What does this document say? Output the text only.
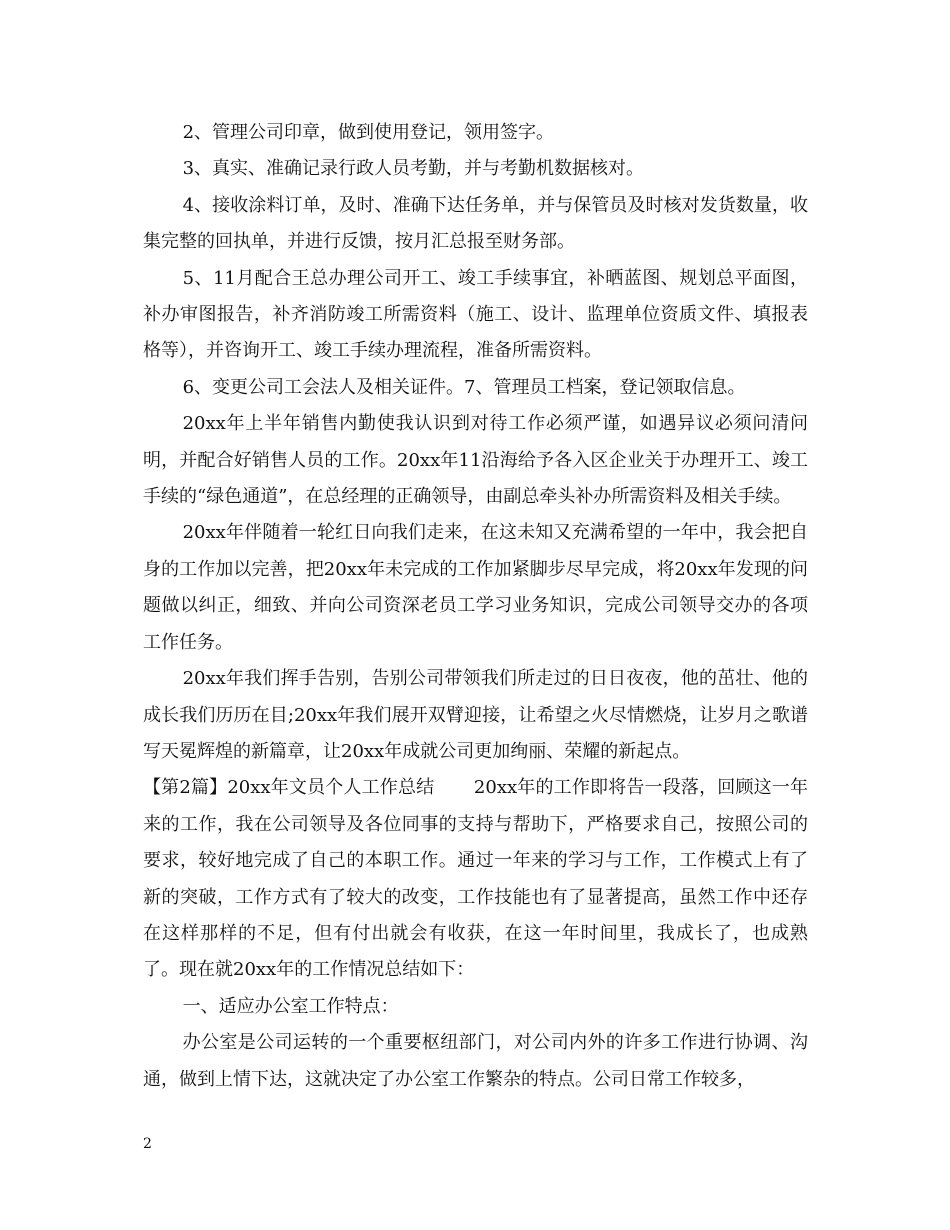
2、管理公司印章，做到使用登记，领用签字。

3、真实、准确记录行政人员考勤，并与考勤机数据核对。

4、接收涂料订单，及时、准确下达任务单，并与保管员及时核对发货数量，收集完整的回执单，并进行反馈，按月汇总报至财务部。

5、11月配合王总办理公司开工、竣工手续事宜，补晒蓝图、规划总平面图，补办审图报告，补齐消防竣工所需资料（施工、设计、监理单位资质文件、填报表格等），并咨询开工、竣工手续办理流程，准备所需资料。

6、变更公司工会法人及相关证件。7、管理员工档案，登记领取信息。

20xx年上半年销售内勤使我认识到对待工作必须严谨，如遇异议必须问清问明，并配合好销售人员的工作。20xx年11沿海给予各入区企业关于办理开工、竣工手续的“绿色通道”，在总经理的正确领导，由副总牵头补办所需资料及相关手续。

20xx年伴随着一轮红日向我们走来，在这未知又充满希望的一年中，我会把自身的工作加以完善，把20xx年未完成的工作加紧脚步尽早完成，将20xx年发现的问题做以纠正，细致、并向公司资深老员工学习业务知识，完成公司领导交办的各项工作任务。

20xx年我们挥手告别，告别公司带领我们所走过的日日夜夜，他的茁壮、他的成长我们历历在目;20xx年我们展开双臂迎接，让希望之火尽情燃烧，让岁月之歌谱写天冕辉煌的新篇章，让20xx年成就公司更加绚丽、荣耀的新起点。

【第2篇】20xx年文员个人工作总结 20xx年的工作即将告一段落，回顾这一年来的工作，我在公司领导及各位同事的支持与帮助下，严格要求自己，按照公司的要求，较好地完成了自己的本职工作。通过一年来的学习与工作，工作模式上有了新的突破，工作方式有了较大的改变，工作技能也有了显著提高，虽然工作中还存在这样那样的不足，但有付出就会有收获，在这一年时间里，我成长了，也成熟了。现在就20xx年的工作情况总结如下：

一、适应办公室工作特点：

办公室是公司运转的一个重要枢纽部门，对公司内外的许多工作进行协调、沟通，做到上情下达，这就决定了办公室工作繁杂的特点。公司日常工作较多，

2
